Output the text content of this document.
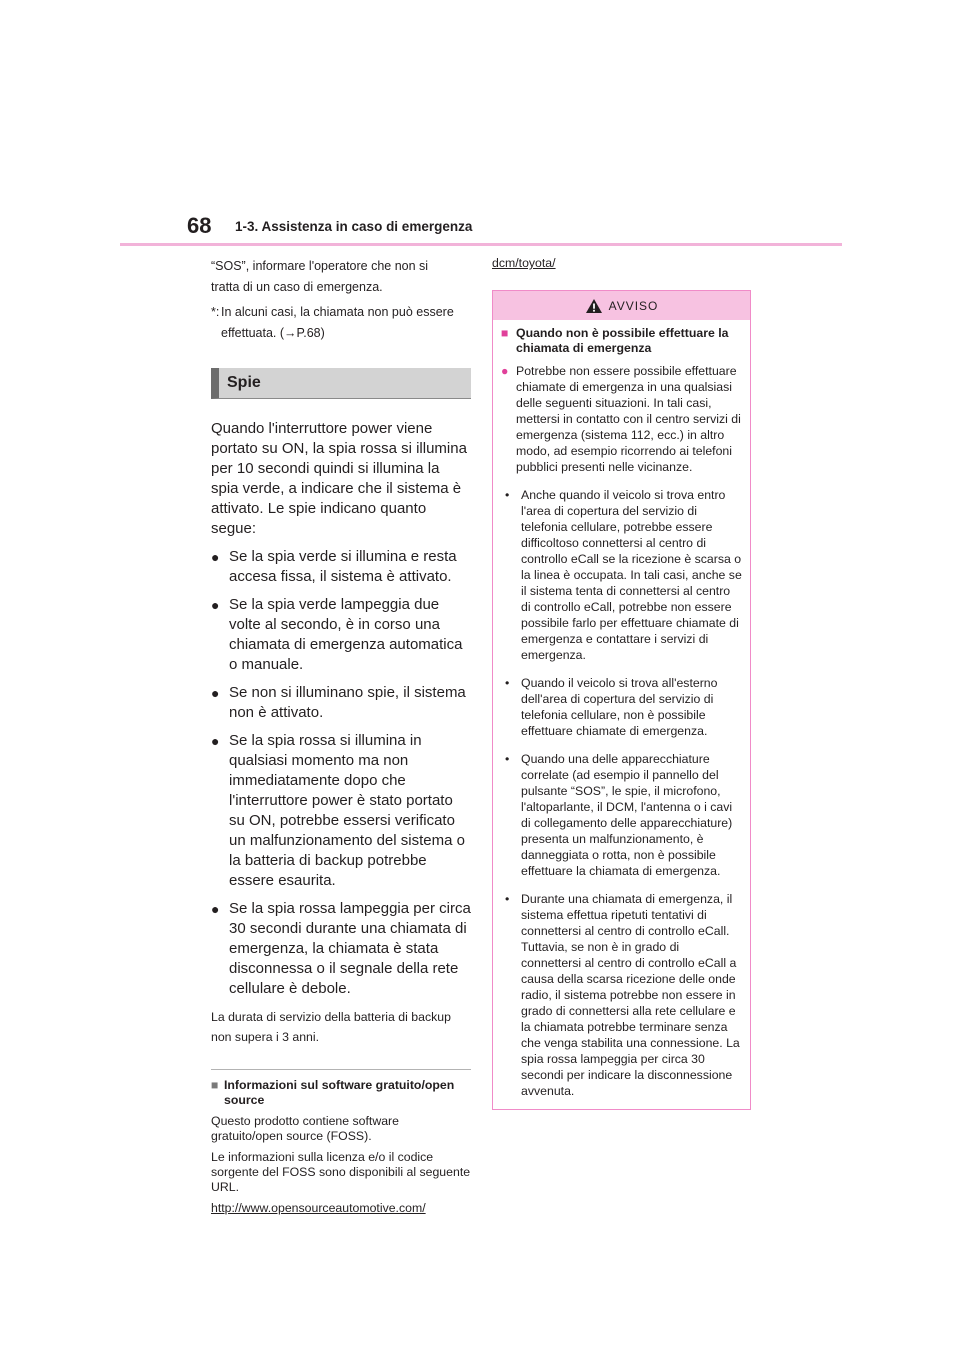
68 1-3. Assistenza in caso di emergenza

“SOS”, informare l'operatore che non si

tratta di un caso di emergenza.

*: In alcuni casi, la chiamata non può essere effettuata. (→P.68)
Spie

Quando l'interruttore power viene portato su ON, la spia rossa si illumina per 10 secondi quindi si illumina la spia verde, a indicare che il sistema è attivato. Le spie indicano quanto segue:

● Se la spia verde si illumina e resta accesa fissa, il sistema è attivato.
● Se la spia verde lampeggia due volte al secondo, è in corso una chiamata di emergenza automatica o manuale.
● Se non si illuminano spie, il sistema non è attivato.
● Se la spia rossa si illumina in qualsiasi momento ma non immediatamente dopo che l'interruttore power è stato portato su ON, potrebbe essersi verificato un malfunzionamento del sistema o la batteria di backup potrebbe essere esaurita.
● Se la spia rossa lampeggia per circa 30 secondi durante una chiamata di emergenza, la chiamata è stata disconnessa o il segnale della rete cellulare è debole.

La durata di servizio della batteria di backup non supera i 3 anni.

■ Informazioni sul software gratuito/open source

Questo prodotto contiene software gratuito/open source (FOSS).

Le informazioni sulla licenza e/o il codice sorgente del FOSS sono disponibili al seguente URL.

http://www.opensourceautomotive.com/

dcm/toyota/

AVVISO
■ Quando non è possibile effettuare la chiamata di emergenza
● Potrebbe non essere possibile effettuare chiamate di emergenza in una qualsiasi delle seguenti situazioni. In tali casi, mettersi in contatto con il centro servizi di emergenza (sistema 112, ecc.) in altro modo, ad esempio ricorrendo ai telefoni pubblici presenti nelle vicinanze.
• Anche quando il veicolo si trova entro l'area di copertura del servizio di telefonia cellulare, potrebbe essere difficoltoso connettersi al centro di controllo eCall se la ricezione è scarsa o la linea è occupata. In tali casi, anche se il sistema tenta di connettersi al centro di controllo eCall, potrebbe non essere possibile farlo per effettuare chiamate di emergenza e contattare i servizi di emergenza.
• Quando il veicolo si trova all'esterno dell'area di copertura del servizio di telefonia cellulare, non è possibile effettuare chiamate di emergenza.
• Quando una delle apparecchiature correlate (ad esempio il pannello del pulsante “SOS”, le spie, il microfono, l'altoparlante, il DCM, l'antenna o i cavi di collegamento delle apparecchiature) presenta un malfunzionamento, è danneggiata o rotta, non è possibile effettuare la chiamata di emergenza.
• Durante una chiamata di emergenza, il sistema effettua ripetuti tentativi di connettersi al centro di controllo eCall. Tuttavia, se non è in grado di connettersi al centro di controllo eCall a causa della scarsa ricezione delle onde radio, il sistema potrebbe non essere in grado di connettersi alla rete cellulare e la chiamata potrebbe terminare senza che venga stabilita una connessione. La spia rossa lampeggia per circa 30 secondi per indicare la disconnessione avvenuta.
